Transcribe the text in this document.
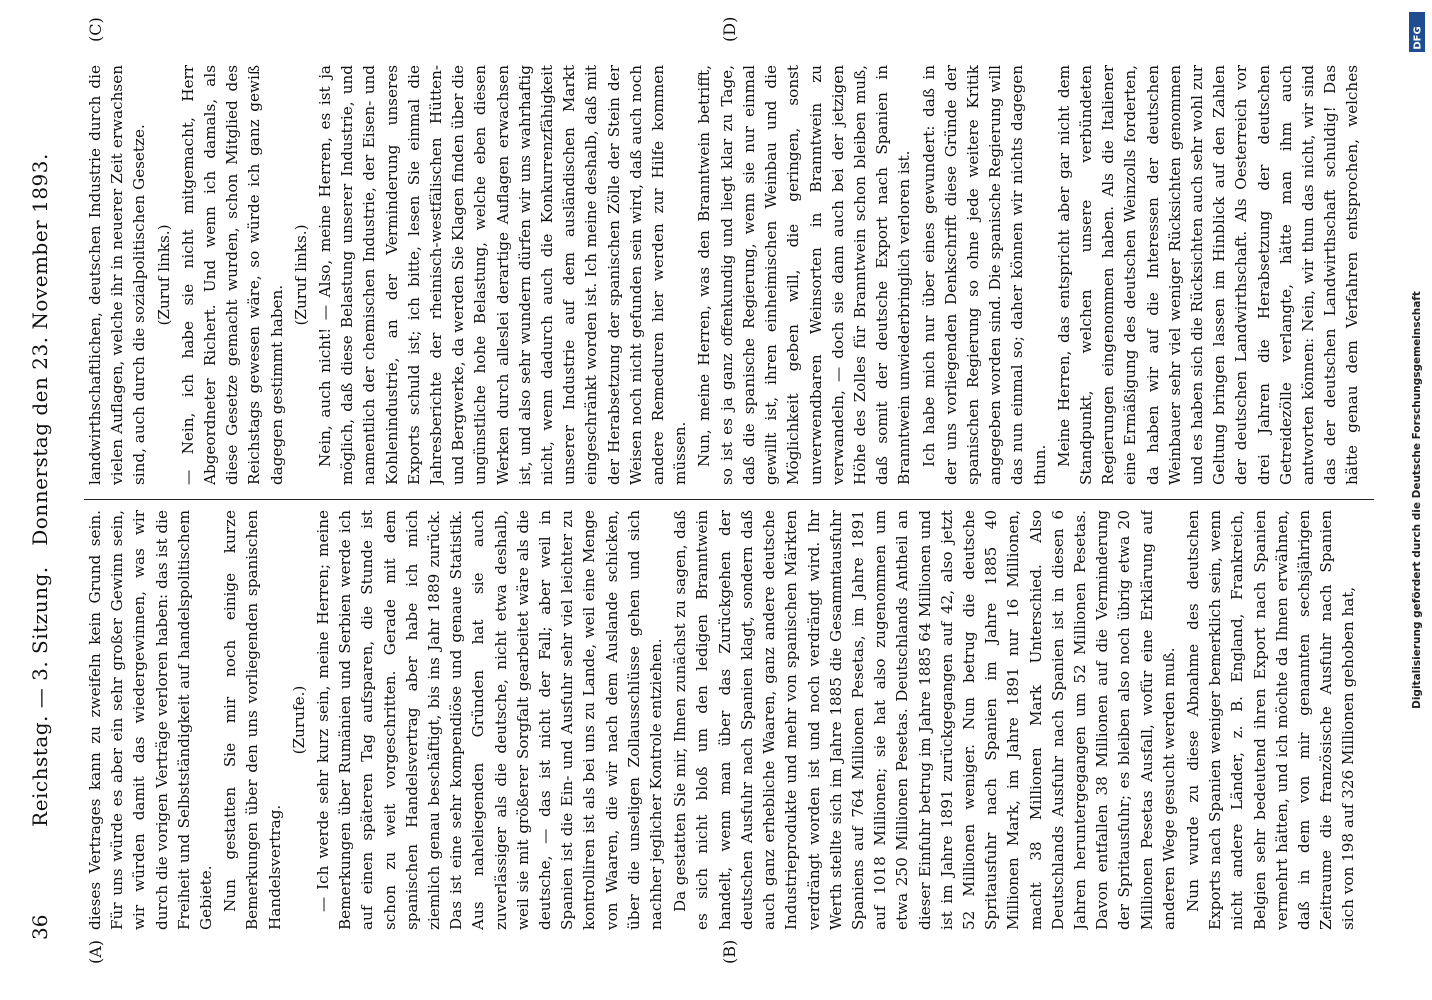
36
Reichstag. — 3. Sitzung.   Donnerstag den 23. November 1893.
(A)	(B)
(C)	(D)

dieses Vertrages kann zu zweifeln kein Grund sein. Für uns würde es aber ein sehr großer Gewinn sein, wir würden damit das wiedergewinnen, was wir durch die vorigen Verträge verloren haben: das ist die Freiheit und Selbstständigkeit auf handelspolitischem Gebiete. Nun gestatten Sie mir noch einige kurze Bemerkungen über den uns vorliegenden spanischen Handelsvertrag.

(Zurufe.) — Ich werde sehr kurz sein, meine Herren; meine Bemerkungen über Rumänien und Serbien werde ich auf einen späteren Tag aufsparen, die Stunde ist schon zu weit vorgeschritten. Gerade mit dem spanischen Handelsvertrag aber habe ich mich ziemlich genau beschäftigt, bis ins Jahr 1889 zurück. Das ist eine sehr kompendiöse und genaue Statistik. Aus naheliegenden Gründen hat sie auch zuverlässiger als die deutsche, nicht etwa deshalb, weil sie mit größerer Sorgfalt gearbeitet wäre als die deutsche, — das ist nicht der Fall; aber weil in Spanien ist die Ein- und Ausfuhr sehr viel leichter zu kontrolliren ist als bei uns zu Lande, weil eine Menge von Waaren, die wir nach dem Auslande schicken, über die unseligen Zollausschlüsse gehen und sich nachher jeglicher Kontrole entziehen. Da gestatten Sie mir, Ihnen zunächst zu sagen, daß es sich nicht bloß um den ledigen Branntwein handelt, wenn man über das Zurückgehen der deutschen Ausfuhr nach Spanien klagt, sondern daß auch ganz erhebliche Waaren, ganz andere deutsche Industrieprodukte und mehr von spanischen Märkten verdrängt worden ist und noch verdrängt wird. Ihr Werth stellte sich im Jahre 1885 die Gesammtausfuhr Spaniens auf 764 Millionen Pesetas, im Jahre 1891 auf 1018 Millionen; sie hat also zugenommen um etwa 250 Millionen Pesetas. Deutschlands Antheil an dieser Einfuhr betrug im Jahre 1885 64 Millionen und ist im Jahre 1891 zurückgegangen auf 42, also jetzt 52 Millionen weniger. Nun betrug die deutsche Spritausfuhr nach Spanien im Jahre 1885 40 Millionen Mark, im Jahre 1891 nur 16 Millionen, macht 38 Millionen Mark Unterschied. Also Deutschlands Ausfuhr nach Spanien ist in diesen 6 Jahren heruntergegangen um 52 Millionen Pesetas. Davon entfallen 38 Millionen auf die Verminderung der Spritausfuhr; es bleiben also noch übrig etwa 20 Millionen Pesetas Ausfall, wofür eine Erklärung auf anderen Wege gesucht werden muß. Nun wurde zu diese Abnahme des deutschen Exports nach Spanien weniger bemerklich sein, wenn nicht andere Länder, z. B. England, Frankreich, Belgien sehr bedeutend ihren Export nach Spanien vermehrt hätten, und ich möchte da Ihnen erwähnen, daß in dem von mir genannten sechsjährigen Zeitraume die französische Ausfuhr nach Spanien sich von 198 auf 326 Millionen gehoben hat,

landwirthschaftlichen, deutschen Industrie durch die vielen Auflagen, welche ihr in neuerer Zeit erwachsen sind, auch durch die sozialpolitischen Gesetze. (Zuruf links.) — Nein, ich habe sie nicht mitgemacht, Herr Abgeordneter Richert. Und wenn ich damals, als diese Gesetze gemacht wurden, schon Mitglied des Reichstags gewesen wäre, so würde ich ganz gewiß dagegen gestimmt haben.

(Zuruf links.) Nein, auch nicht! — Also, meine Herren, es ist ja möglich, daß diese Belastung unserer Industrie, und namentlich der chemischen Industrie, der Eisen- und Kohlenindustrie, an der Verminderung unseres Exports schuld ist; ich bitte, lesen Sie einmal die Jahresberichte der rheinisch-westfälischen Hütten- und Bergwerke, da werden Sie Klagen finden über die ungünstliche hohe Belastung, welche eben diesen Werken durch alleslei derartige Auflagen erwachsen ist, und also sehr wundern dürfen wir uns wahrhaftig nicht, wenn dadurch auch die Konkurrenzfähigkeit unserer Industrie auf dem ausländischen Markt eingeschränkt worden ist. Ich meine deshalb, daß mit der Herabsetzung der spanischen Zölle der Stein der Weisen noch nicht gefunden sein wird, daß auch noch andere Remeduren hier werden zur Hilfe kommen müssen. Nun, meine Herren, was den Branntwein betrifft, so ist es ja ganz offenkundig und liegt klar zu Tage, daß die spanische Regierung, wenn sie nur einmal gewillt ist, ihren einheimischen Weinbau und die Möglichkeit geben will, die geringen, sonst unverwendbaren Weinsorten in Branntwein zu verwandeln, — doch sie dann auch bei der jetzigen Höhe des Zolles für Branntwein schon bleiben muß, daß somit der deutsche Export nach Spanien in Branntwein unwiederbringlich verloren ist. Ich habe mich nur über eines gewundert: daß in der uns vorliegenden Denkschrift diese Gründe der spanischen Regierung so ohne jede weitere Kritik angegeben worden sind. Die spanische Regierung will das nun einmal so; daher können wir nichts dagegen thun. Meine Herren, das entspricht aber gar nicht dem Standpunkt, welchen unsere verbündeten Regierungen eingenommen haben. Als die Italiener eine Ermäßigung des deutschen Weinzolls forderten, da haben wir auf die Interessen der deutschen Weinbauer sehr viel weniger Rücksichten genommen und es haben sich die Rücksichten auch sehr wohl zur Geltung bringen lassen im Hinblick auf den Zahlen der deutschen Landwirthschaft. Als Oesterreich vor drei Jahren die Herabsetzung der deutschen Getreidezölle verlangte, hätte man ihm auch antworten können: Nein, wir thun das nicht, wir sind das der deutschen Landwirthschaft schuldig! Das hätte genau dem Verfahren entsprochen, welches

DFG
Digitalisierung gefördert durch die Deutsche Forschungsgemeinschaft
